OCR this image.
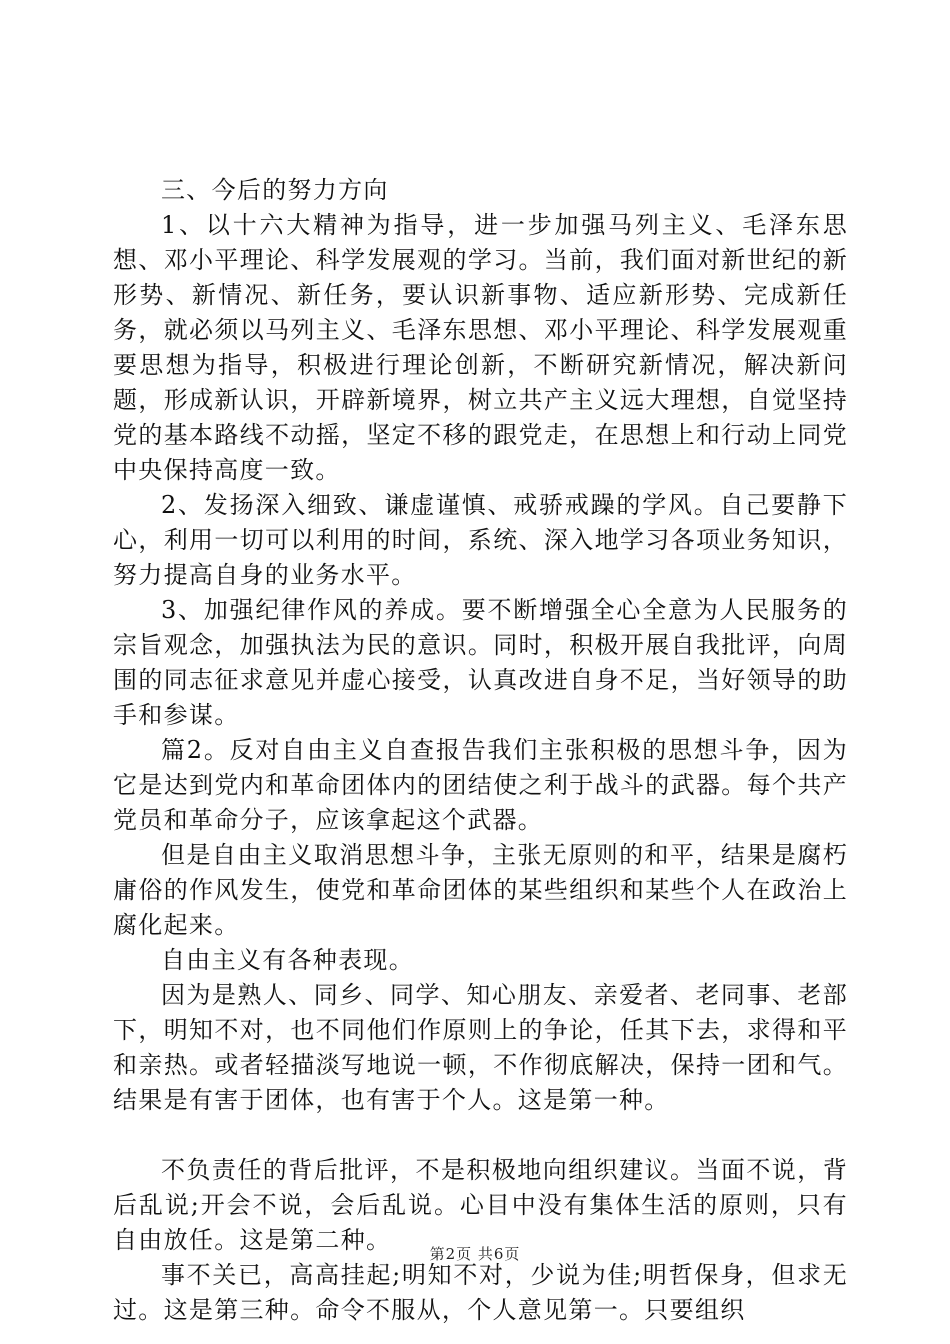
三、今后的努力方向

1、以十六大精神为指导，进一步加强马列主义、毛泽东思想、邓小平理论、科学发展观的学习。当前，我们面对新世纪的新形势、新情况、新任务，要认识新事物、适应新形势、完成新任务，就必须以马列主义、毛泽东思想、邓小平理论、科学发展观重要思想为指导，积极进行理论创新，不断研究新情况，解决新问题，形成新认识，开辟新境界，树立共产主义远大理想，自觉坚持党的基本路线不动摇，坚定不移的跟党走，在思想上和行动上同党中央保持高度一致。

2、发扬深入细致、谦虚谨慎、戒骄戒躁的学风。自己要静下心，利用一切可以利用的时间，系统、深入地学习各项业务知识，努力提高自身的业务水平。

3、加强纪律作风的养成。要不断增强全心全意为人民服务的宗旨观念，加强执法为民的意识。同时，积极开展自我批评，向周围的同志征求意见并虚心接受，认真改进自身不足，当好领导的助手和参谋。

篇2。反对自由主义自查报告我们主张积极的思想斗争，因为它是达到党内和革命团体内的团结使之利于战斗的武器。每个共产党员和革命分子，应该拿起这个武器。

但是自由主义取消思想斗争，主张无原则的和平，结果是腐朽庸俗的作风发生，使党和革命团体的某些组织和某些个人在政治上腐化起来。

自由主义有各种表现。

因为是熟人、同乡、同学、知心朋友、亲爱者、老同事、老部下，明知不对，也不同他们作原则上的争论，任其下去，求得和平和亲热。或者轻描淡写地说一顿，不作彻底解决，保持一团和气。结果是有害于团体，也有害于个人。这是第一种。

不负责任的背后批评，不是积极地向组织建议。当面不说，背后乱说;开会不说，会后乱说。心目中没有集体生活的原则，只有自由放任。这是第二种。

事不关已，高高挂起;明知不对，少说为佳;明哲保身，但求无过。这是第三种。命令不服从，个人意见第一。只要组织

第2页 共6页
